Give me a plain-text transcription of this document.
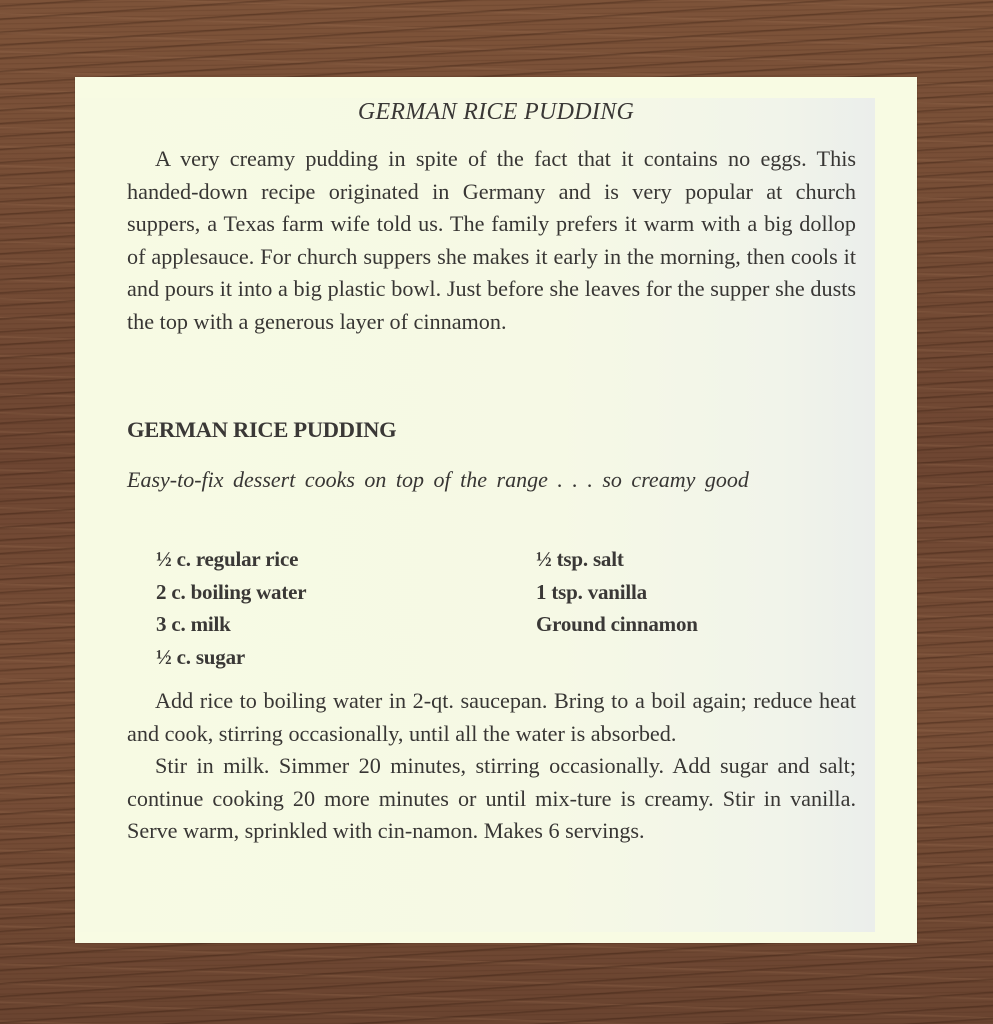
GERMAN RICE PUDDING
A very creamy pudding in spite of the fact that it contains no eggs. This handed-down recipe originated in Germany and is very popular at church suppers, a Texas farm wife told us. The family prefers it warm with a big dollop of applesauce. For church suppers she makes it early in the morning, then cools it and pours it into a big plastic bowl. Just before she leaves for the supper she dusts the top with a generous layer of cinnamon.
GERMAN RICE PUDDING
Easy-to-fix dessert cooks on top of the range . . . so creamy good
½ c. regular rice
2 c. boiling water
3 c. milk
½ c. sugar
½ tsp. salt
1 tsp. vanilla
Ground cinnamon

Add rice to boiling water in 2-qt. saucepan. Bring to a boil again; reduce heat and cook, stirring occasionally, until all the water is absorbed.

Stir in milk. Simmer 20 minutes, stirring occasionally. Add sugar and salt; continue cooking 20 more minutes or until mix-ture is creamy. Stir in vanilla. Serve warm, sprinkled with cin-namon. Makes 6 servings.
